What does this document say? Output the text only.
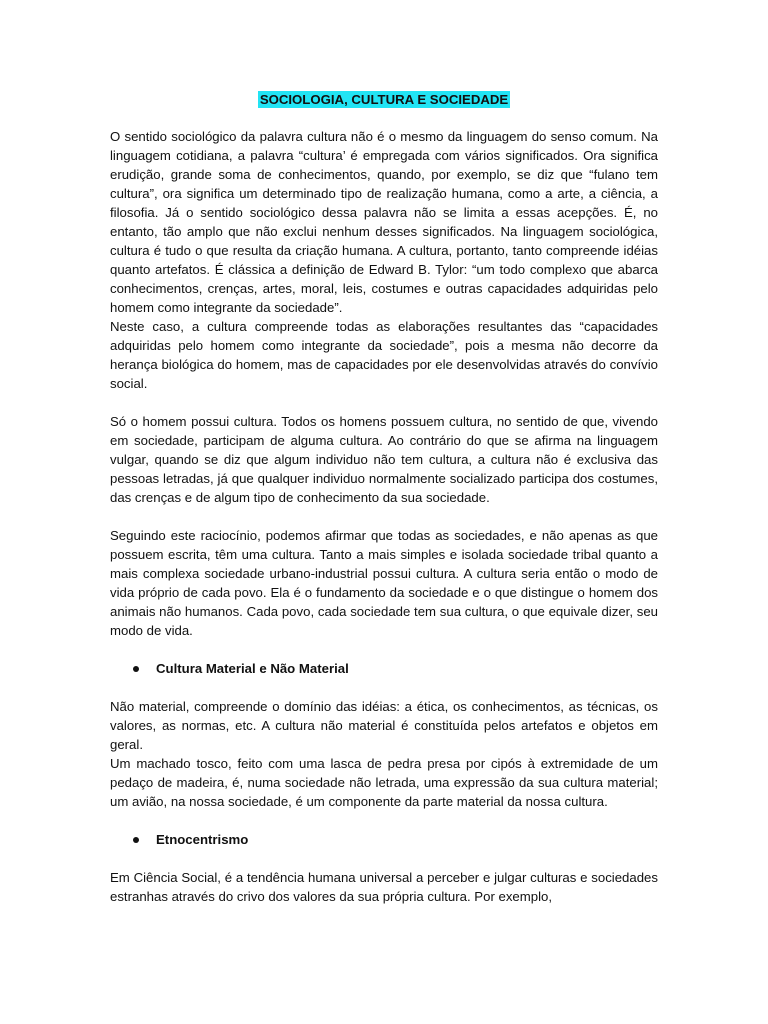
SOCIOLOGIA, CULTURA E SOCIEDADE

O sentido sociológico da palavra cultura não é o mesmo da linguagem do senso comum. Na linguagem cotidiana, a palavra “cultura’ é empregada com vários significados. Ora significa erudição, grande soma de conhecimentos, quando, por exemplo, se diz que “fulano tem cultura”, ora significa um determinado tipo de realização humana, como a arte, a ciência, a filosofia. Já o sentido sociológico dessa palavra não se limita a essas acepções. É, no entanto, tão amplo que não exclui nenhum desses significados. Na linguagem sociológica, cultura é tudo o que resulta da criação humana. A cultura, portanto, tanto compreende idéias quanto artefatos. É clássica a definição de Edward B. Tylor: “um todo complexo que abarca conhecimentos, crenças, artes, moral, leis, costumes e outras capacidades adquiridas pelo homem como integrante da sociedade”.

Neste caso, a cultura compreende todas as elaborações resultantes das “capacidades adquiridas pelo homem como integrante da sociedade”, pois a mesma não decorre da herança biológica do homem, mas de capacidades por ele desenvolvidas através do convívio social.

Só o homem possui cultura. Todos os homens possuem cultura, no sentido de que, vivendo em sociedade, participam de alguma cultura. Ao contrário do que se afirma na linguagem vulgar, quando se diz que algum individuo não tem cultura, a cultura não é exclusiva das pessoas letradas, já que qualquer individuo normalmente socializado participa dos costumes, das crenças e de algum tipo de conhecimento da sua sociedade.

Seguindo este raciocínio, podemos afirmar que todas as sociedades, e não apenas as que possuem escrita, têm uma cultura. Tanto a mais simples e isolada sociedade tribal quanto a mais complexa sociedade urbano-industrial possui cultura. A cultura seria então o modo de vida próprio de cada povo. Ela é o fundamento da sociedade e o que distingue o homem dos animais não humanos. Cada povo, cada sociedade tem sua cultura, o que equivale dizer, seu modo de vida.

Cultura Material e Não Material

Não material, compreende o domínio das idéias: a ética, os conhecimentos, as técnicas, os valores, as normas, etc. A cultura não material é constituída pelos artefatos e objetos em geral.

Um machado tosco, feito com uma lasca de pedra presa por cipós à extremidade de um pedaço de madeira, é, numa sociedade não letrada, uma expressão da sua cultura material; um avião, na nossa sociedade, é um componente da parte material da nossa cultura.

Etnocentrismo

Em Ciência Social, é a tendência humana universal a perceber e julgar culturas e sociedades estranhas através do crivo dos valores da sua própria cultura. Por exemplo,
